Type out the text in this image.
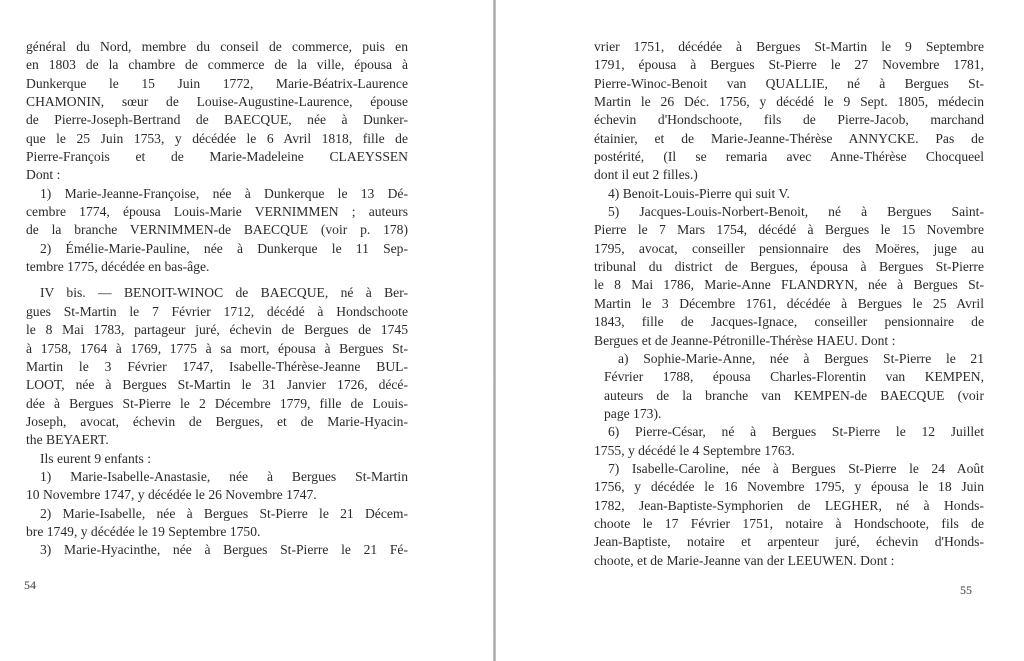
général du Nord, membre du conseil de commerce, puis en
en 1803 de la chambre de commerce de la ville, épousa à
Dunkerque le 15 Juin 1772, Marie-Béatrix-Laurence
CHAMONIN, sœur de Louise-Augustine-Laurence, épouse
de Pierre-Joseph-Bertrand de BAECQUE, née à Dunker-
que le 25 Juin 1753, y décédée le 6 Avril 1818, fille de
Pierre-François et de Marie-Madeleine CLAEYSSEN
Dont :
1) Marie-Jeanne-Françoise, née à Dunkerque le 13 Dé-
cembre 1774, épousa Louis-Marie VERNIMMEN ; auteurs
de la branche VERNIMMEN-de BAECQUE (voir p. 178)
2) Émélie-Marie-Pauline, née à Dunkerque le 11 Sep-
tembre 1775, décédée en bas-âge.
IV bis. — BENOIT-WINOC de BAECQUE, né à Ber-
gues St-Martin le 7 Février 1712, décédé à Hondschoote
le 8 Mai 1783, partageur juré, échevin de Bergues de 1745
à 1758, 1764 à 1769, 1775 à sa mort, épousa à Bergues St-
Martin le 3 Février 1747, Isabelle-Thérèse-Jeanne BUL-
LOOT, née à Bergues St-Martin le 31 Janvier 1726, décé-
dée à Bergues St-Pierre le 2 Décembre 1779, fille de Louis-
Joseph, avocat, échevin de Bergues, et de Marie-Hyacin-
the BEYAERT.
Ils eurent 9 enfants :
1) Marie-Isabelle-Anastasie, née à Bergues St-Martin
10 Novembre 1747, y décédée le 26 Novembre 1747.
2) Marie-Isabelle, née à Bergues St-Pierre le 21 Décem-
bre 1749, y décédée le 19 Septembre 1750.
3) Marie-Hyacinthe, née à Bergues St-Pierre le 21 Fé-
54
vrier 1751, décédée à Bergues St-Martin le 9 Septembre
1791, épousa à Bergues St-Pierre le 27 Novembre 1781,
Pierre-Winoc-Benoit van QUALLIE, né à Bergues St-
Martin le 26 Déc. 1756, y décédé le 9 Sept. 1805, médecin
échevin d'Hondschoote, fils de Pierre-Jacob, marchand
étainier, et de Marie-Jeanne-Thérèse ANNYCKE. Pas de
postérité, (Il se remaria avec Anne-Thérèse Chocqueel
dont il eut 2 filles.)
4) Benoit-Louis-Pierre qui suit V.
5) Jacques-Louis-Norbert-Benoit, né à Bergues Saint-
Pierre le 7 Mars 1754, décédé à Bergues le 15 Novembre
1795, avocat, conseiller pensionnaire des Moëres, juge au
tribunal du district de Bergues, épousa à Bergues St-Pierre
le 8 Mai 1786, Marie-Anne FLANDRYN, née à Bergues St-
Martin le 3 Décembre 1761, décédée à Bergues le 25 Avril
1843, fille de Jacques-Ignace, conseiller pensionnaire de
Bergues et de Jeanne-Pétronille-Thérèse HAEU. Dont :
a) Sophie-Marie-Anne, née à Bergues St-Pierre le 21
Février 1788, épousa Charles-Florentin van KEMPEN,
auteurs de la branche van KEMPEN-de BAECQUE (voir
page 173).
6) Pierre-César, né à Bergues St-Pierre le 12 Juillet
1755, y décédé le 4 Septembre 1763.
7) Isabelle-Caroline, née à Bergues St-Pierre le 24 Août
1756, y décédée le 16 Novembre 1795, y épousa le 18 Juin
1782, Jean-Baptiste-Symphorien de LEGHER, né à Honds-
choote le 17 Février 1751, notaire à Hondschoote, fils de
Jean-Baptiste, notaire et arpenteur juré, échevin d'Honds-
choote, et de Marie-Jeanne van der LEEUWEN. Dont :
55
